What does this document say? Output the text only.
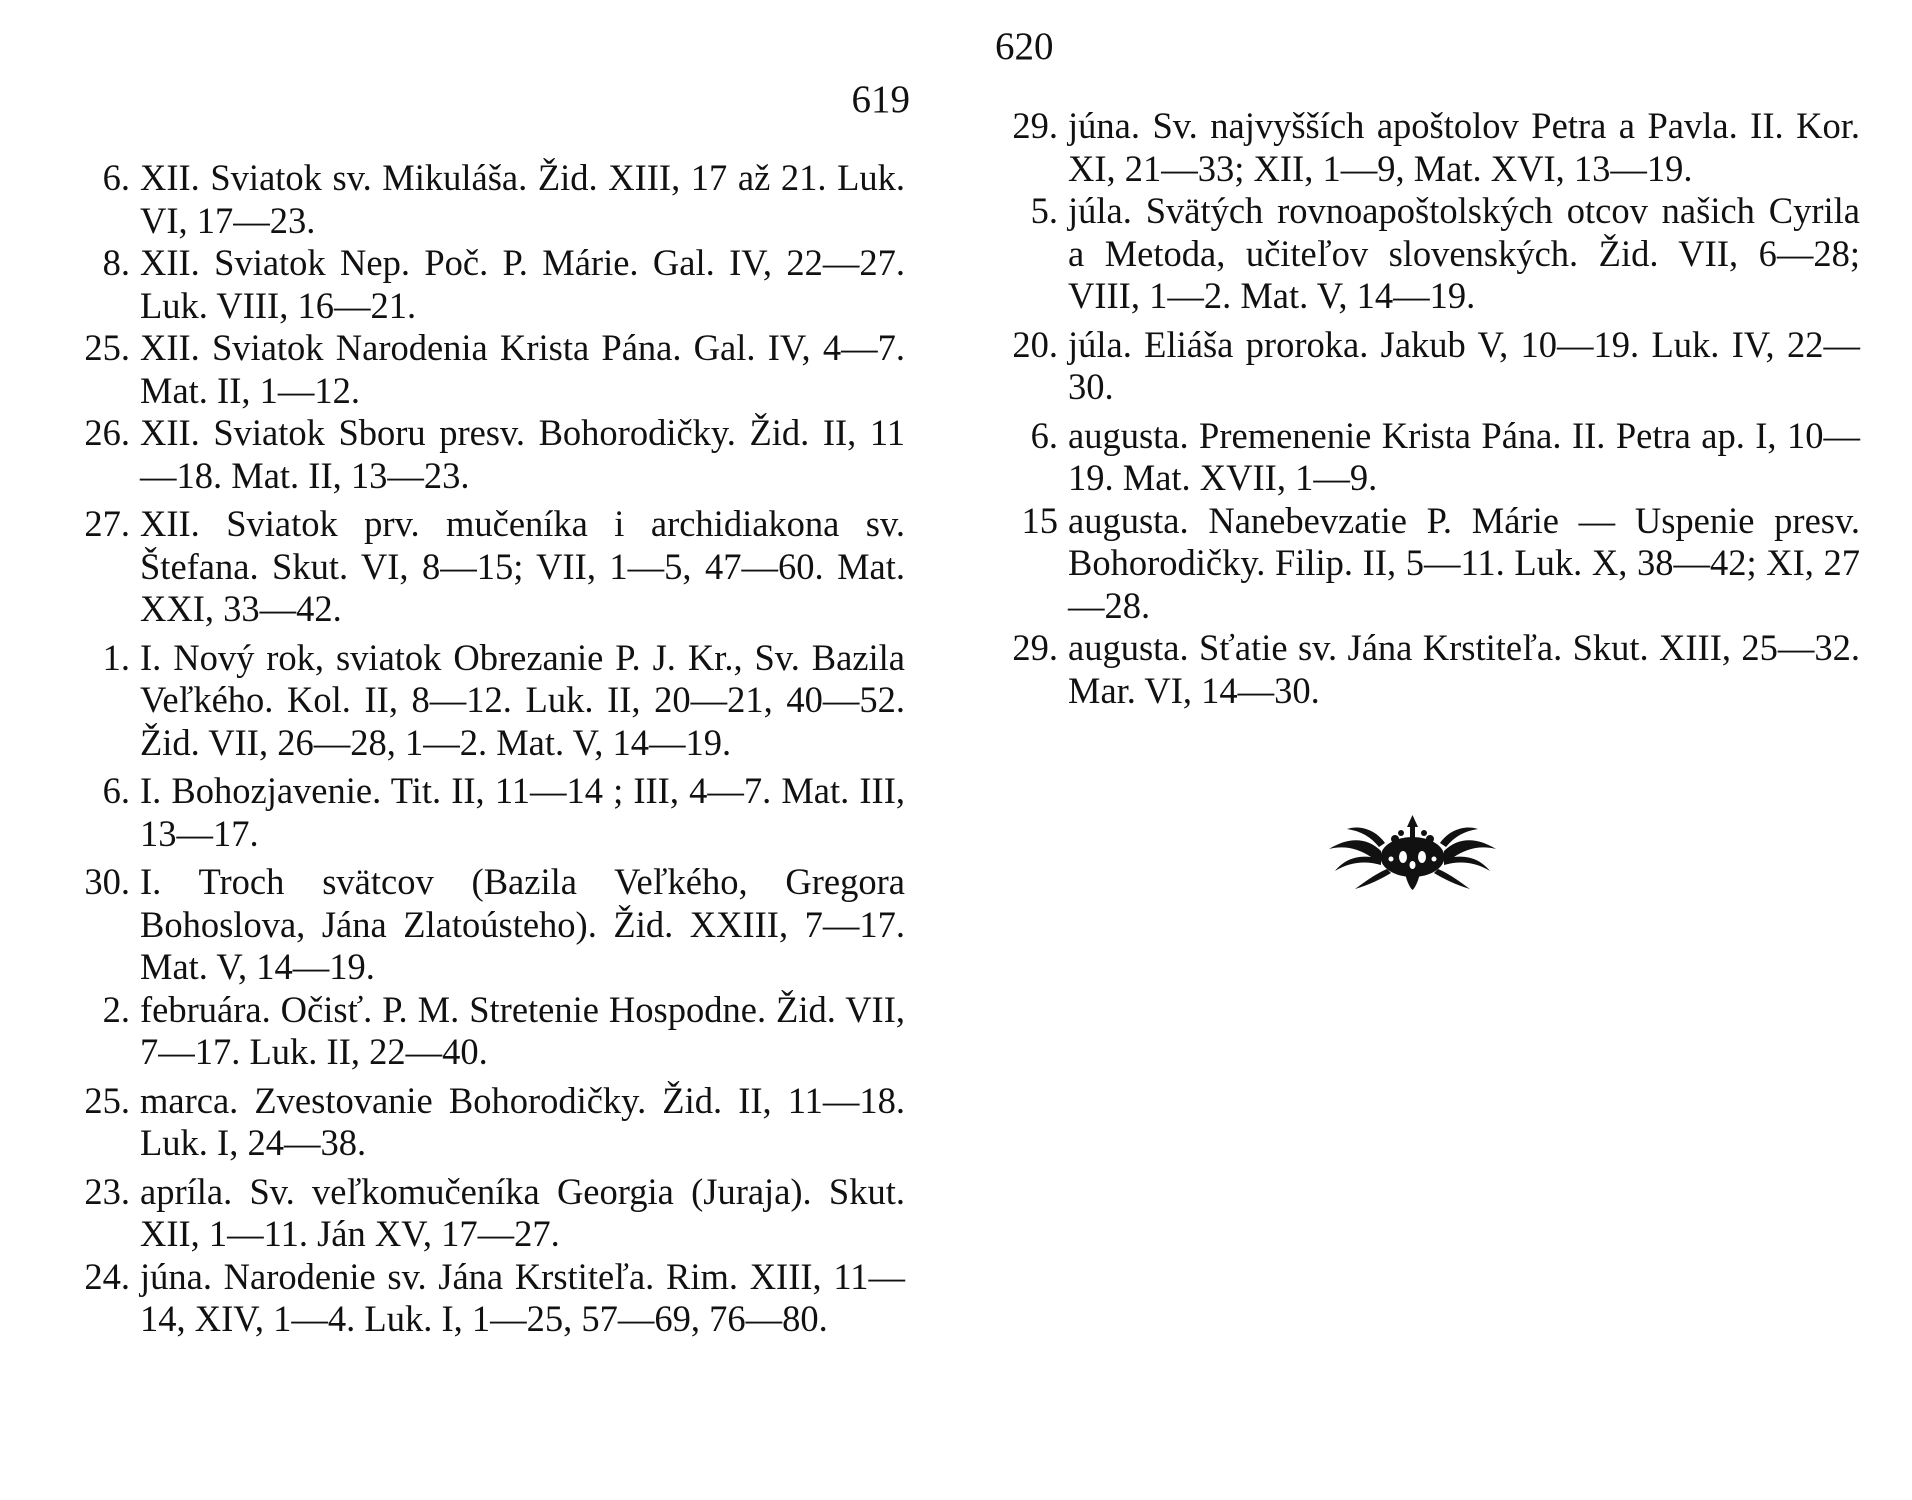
619
6. XII. Sviatok sv. Mikuláša. Žid. XIII, 17 až 21. Luk. VI, 17—23.
8. XII. Sviatok Nep. Poč. P. Márie. Gal. IV, 22—27. Luk. VIII, 16—21.
25. XII. Sviatok Narodenia Krista Pána. Gal. IV, 4—7. Mat. II, 1—12.
26. XII. Sviatok Sboru presv. Bohorodičky. Žid. II, 11—18. Mat. II, 13—23.
27. XII. Sviatok prv. mučeníka i archidiakona sv. Štefana. Skut. VI, 8—15; VII, 1—5, 47—60. Mat. XXI, 33—42.
1. I. Nový rok, sviatok Obrezanie P. J. Kr., Sv. Bazila Veľkého. Kol. II, 8—12. Luk. II, 20—21, 40—52. Žid. VII, 26—28, 1—2. Mat. V, 14—19.
6. I. Bohozjavenie. Tit. II, 11—14 ; III, 4—7. Mat. III, 13—17.
30. I. Troch svätcov (Bazila Veľkého, Gregora Bohoslova, Jána Zlatoústeho). Žid. XXIII, 7—17. Mat. V, 14—19.
2. februára. Očisť. P. M. Stretenie Hospodne. Žid. VII, 7—17. Luk. II, 22—40.
25. marca. Zvestovanie Bohorodičky. Žid. II, 11—18. Luk. I, 24—38.
23. apríla. Sv. veľkomučeníka Georgia (Juraja). Skut. XII, 1—11. Ján XV, 17—27.
24. júna. Narodenie sv. Jána Krstiteľa. Rim. XIII, 11—14, XIV, 1—4. Luk. I, 1—25, 57—69, 76—80.
620
29. júna. Sv. najvyšších apoštolov Petra a Pavla. II. Kor. XI, 21—33; XII, 1—9, Mat. XVI, 13—19.
5. júla. Svätých rovnoapoštolských otcov našich Cyrila a Metoda, učiteľov slovenských. Žid. VII, 6—28; VIII, 1—2. Mat. V, 14—19.
20. júla. Eliáša proroka. Jakub V, 10—19. Luk. IV, 22—30.
6. augusta. Premenenie Krista Pána. II. Petra ap. I, 10—19. Mat. XVII, 1—9.
15 augusta. Nanebevzatie P. Márie — Uspenie presv. Bohorodičky. Filip. II, 5—11. Luk. X, 38—42; XI, 27—28.
29. augusta. Sťatie sv. Jána Krstiteľa. Skut. XIII, 25—32. Mar. VI, 14—30.
